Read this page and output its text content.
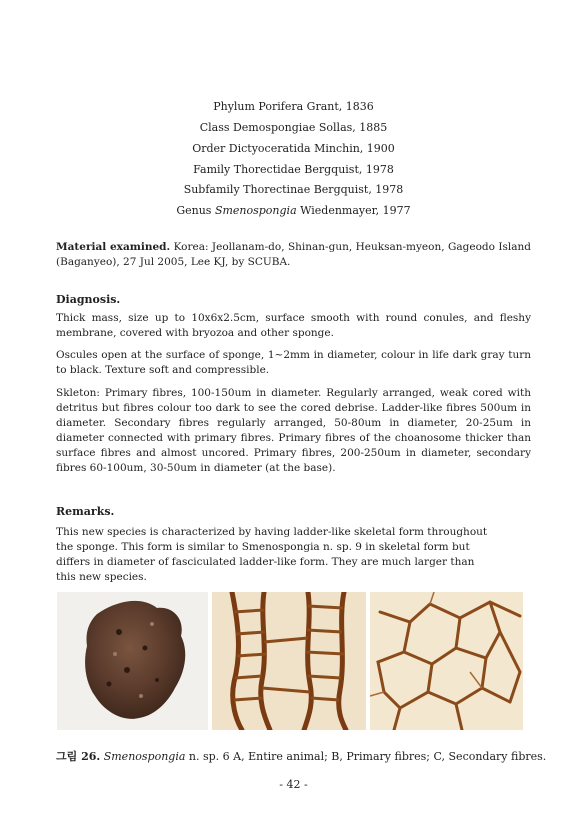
Phylum Porifera Grant, 1836
Class Demospongiae Sollas, 1885
Order Dictyoceratida Minchin, 1900
Family Thorectidae Bergquist, 1978
Subfamily Thorectinae Bergquist, 1978
Genus Smenospongia Wiedenmayer, 1977
Material examined. Korea: Jeollanam-do, Shinan-gun, Heuksan-myeon, Gageodo Island (Baganyeo), 27 Jul 2005, Lee KJ, by SCUBA.
Diagnosis.
Thick mass, size up to 10x6x2.5cm, surface smooth with round conules, and fleshy membrane, covered with bryozoa and other sponge.
Oscules open at the surface of sponge, 1~2mm in diameter, colour in life dark gray turn to black. Texture soft and compressible.
Skleton: Primary fibres, 100-150um in diameter. Regularly arranged, weak cored with detritus but fibres colour too dark to see the cored debrise. Ladder-like fibres 500um in diameter. Secondary fibres regularly arranged, 50-80um in diameter, 20-25um in diameter connected with primary fibres. Primary fibres of the choanosome thicker than surface fibres and almost uncored. Primary fibres, 200-250um in diameter, secondary fibres 60-100um, 30-50um in diameter (at the base).
Remarks.
This new species is characterized by having ladder-like skeletal form throughout the sponge. This form is similar to Smenospongia n. sp. 9 in skeletal form but differs in diameter of fasciculated ladder-like form. They are much larger than this new species.
그림 26. Smenospongia n. sp. 6 A, Entire animal; B, Primary fibres; C, Secondary fibres.
- 42 -
